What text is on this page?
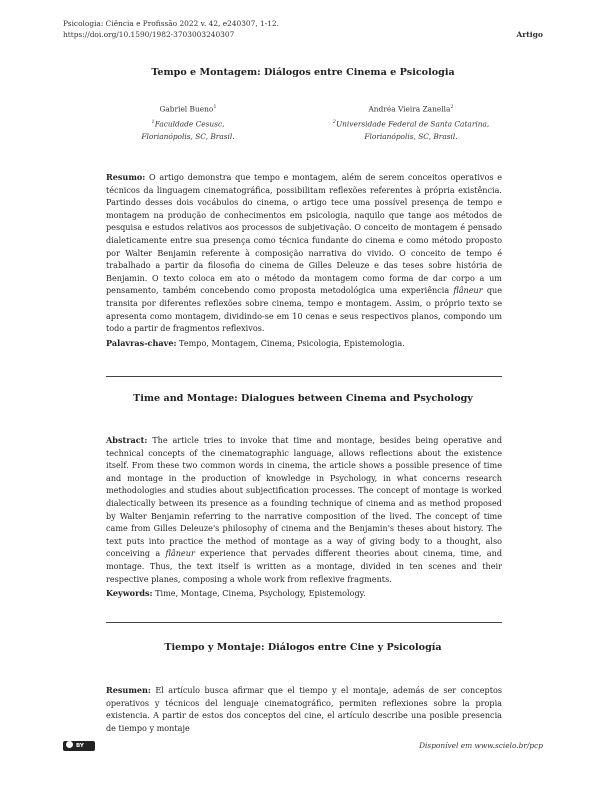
Psicologia: Ciência e Profissão 2022 v. 42, e240307, 1-12.
https://doi.org/10.1590/1982-3703003240307	Artigo
Tempo e Montagem: Diálogos entre Cinema e Psicologia
Gabriel Bueno$^1$
$^1$Faculdade Cesusc,
Florianópolis, SC, Brasil.
Andréa Vieira Zanella$^2$
$^2$Universidade Federal de Santa Catarina,
Florianópolis, SC, Brasil.

Resumo: O artigo demonstra que tempo e montagem, além de serem conceitos operativos e técnicos da linguagem cinematográfica, possibilitam reflexões referentes à própria existência. Partindo desses dois vocábulos do cinema, o artigo tece uma possível presença de tempo e montagem na produção de conhecimentos em psicologia, naquilo que tange aos métodos de pesquisa e estudos relativos aos processos de subjetivação. O conceito de montagem é pensado dialeticamente entre sua presença como técnica fundante do cinema e como método proposto por Walter Benjamin referente à composição narrativa do vivido. O conceito de tempo é trabalhado a partir da filosofia do cinema de Gilles Deleuze e das teses sobre história de Benjamin. O texto coloca em ato o método da montagem como forma de dar corpo a um pensamento, também concebendo como proposta metodológica uma experiência flâneur que transita por diferentes reflexões sobre cinema, tempo e montagem. Assim, o próprio texto se apresenta como montagem, dividindo-se em 10 cenas e seus respectivos planos, compondo um todo a partir de fragmentos reflexivos.

Palavras-chave: Tempo, Montagem, Cinema, Psicologia, Epistemologia.

Time and Montage: Dialogues between Cinema and Psychology

Abstract: The article tries to invoke that time and montage, besides being operative and technical concepts of the cinematographic language, allows reflections about the existence itself. From these two common words in cinema, the article shows a possible presence of time and montage in the production of knowledge in Psychology, in what concerns research methodologies and studies about subjectification processes. The concept of montage is worked dialectically between its presence as a founding technique of cinema and as method proposed by Walter Benjamin referring to the narrative composition of the lived. The concept of time came from Gilles Deleuze's philosophy of cinema and the Benjamin's theses about history. The text puts into practice the method of montage as a way of giving body to a thought, also conceiving a flâneur experience that pervades different theories about cinema, time, and montage. Thus, the text itself is written as a montage, divided in ten scenes and their respective planes, composing a whole work from reflexive fragments.

Keywords: Time, Montage, Cinema, Psychology, Epistemology.

Tiempo y Montaje: Diálogos entre Cine y Psicología

Resumen: El artículo busca afirmar que el tiempo y el montaje, además de ser conceptos operativos y técnicos del lenguaje cinematográfico, permiten reflexiones sobre la propia existencia. A partir de estos dos conceptos del cine, el artículo describe una posible presencia de tiempo y montaje

BY	Disponível em www.scielo.br/pcp
